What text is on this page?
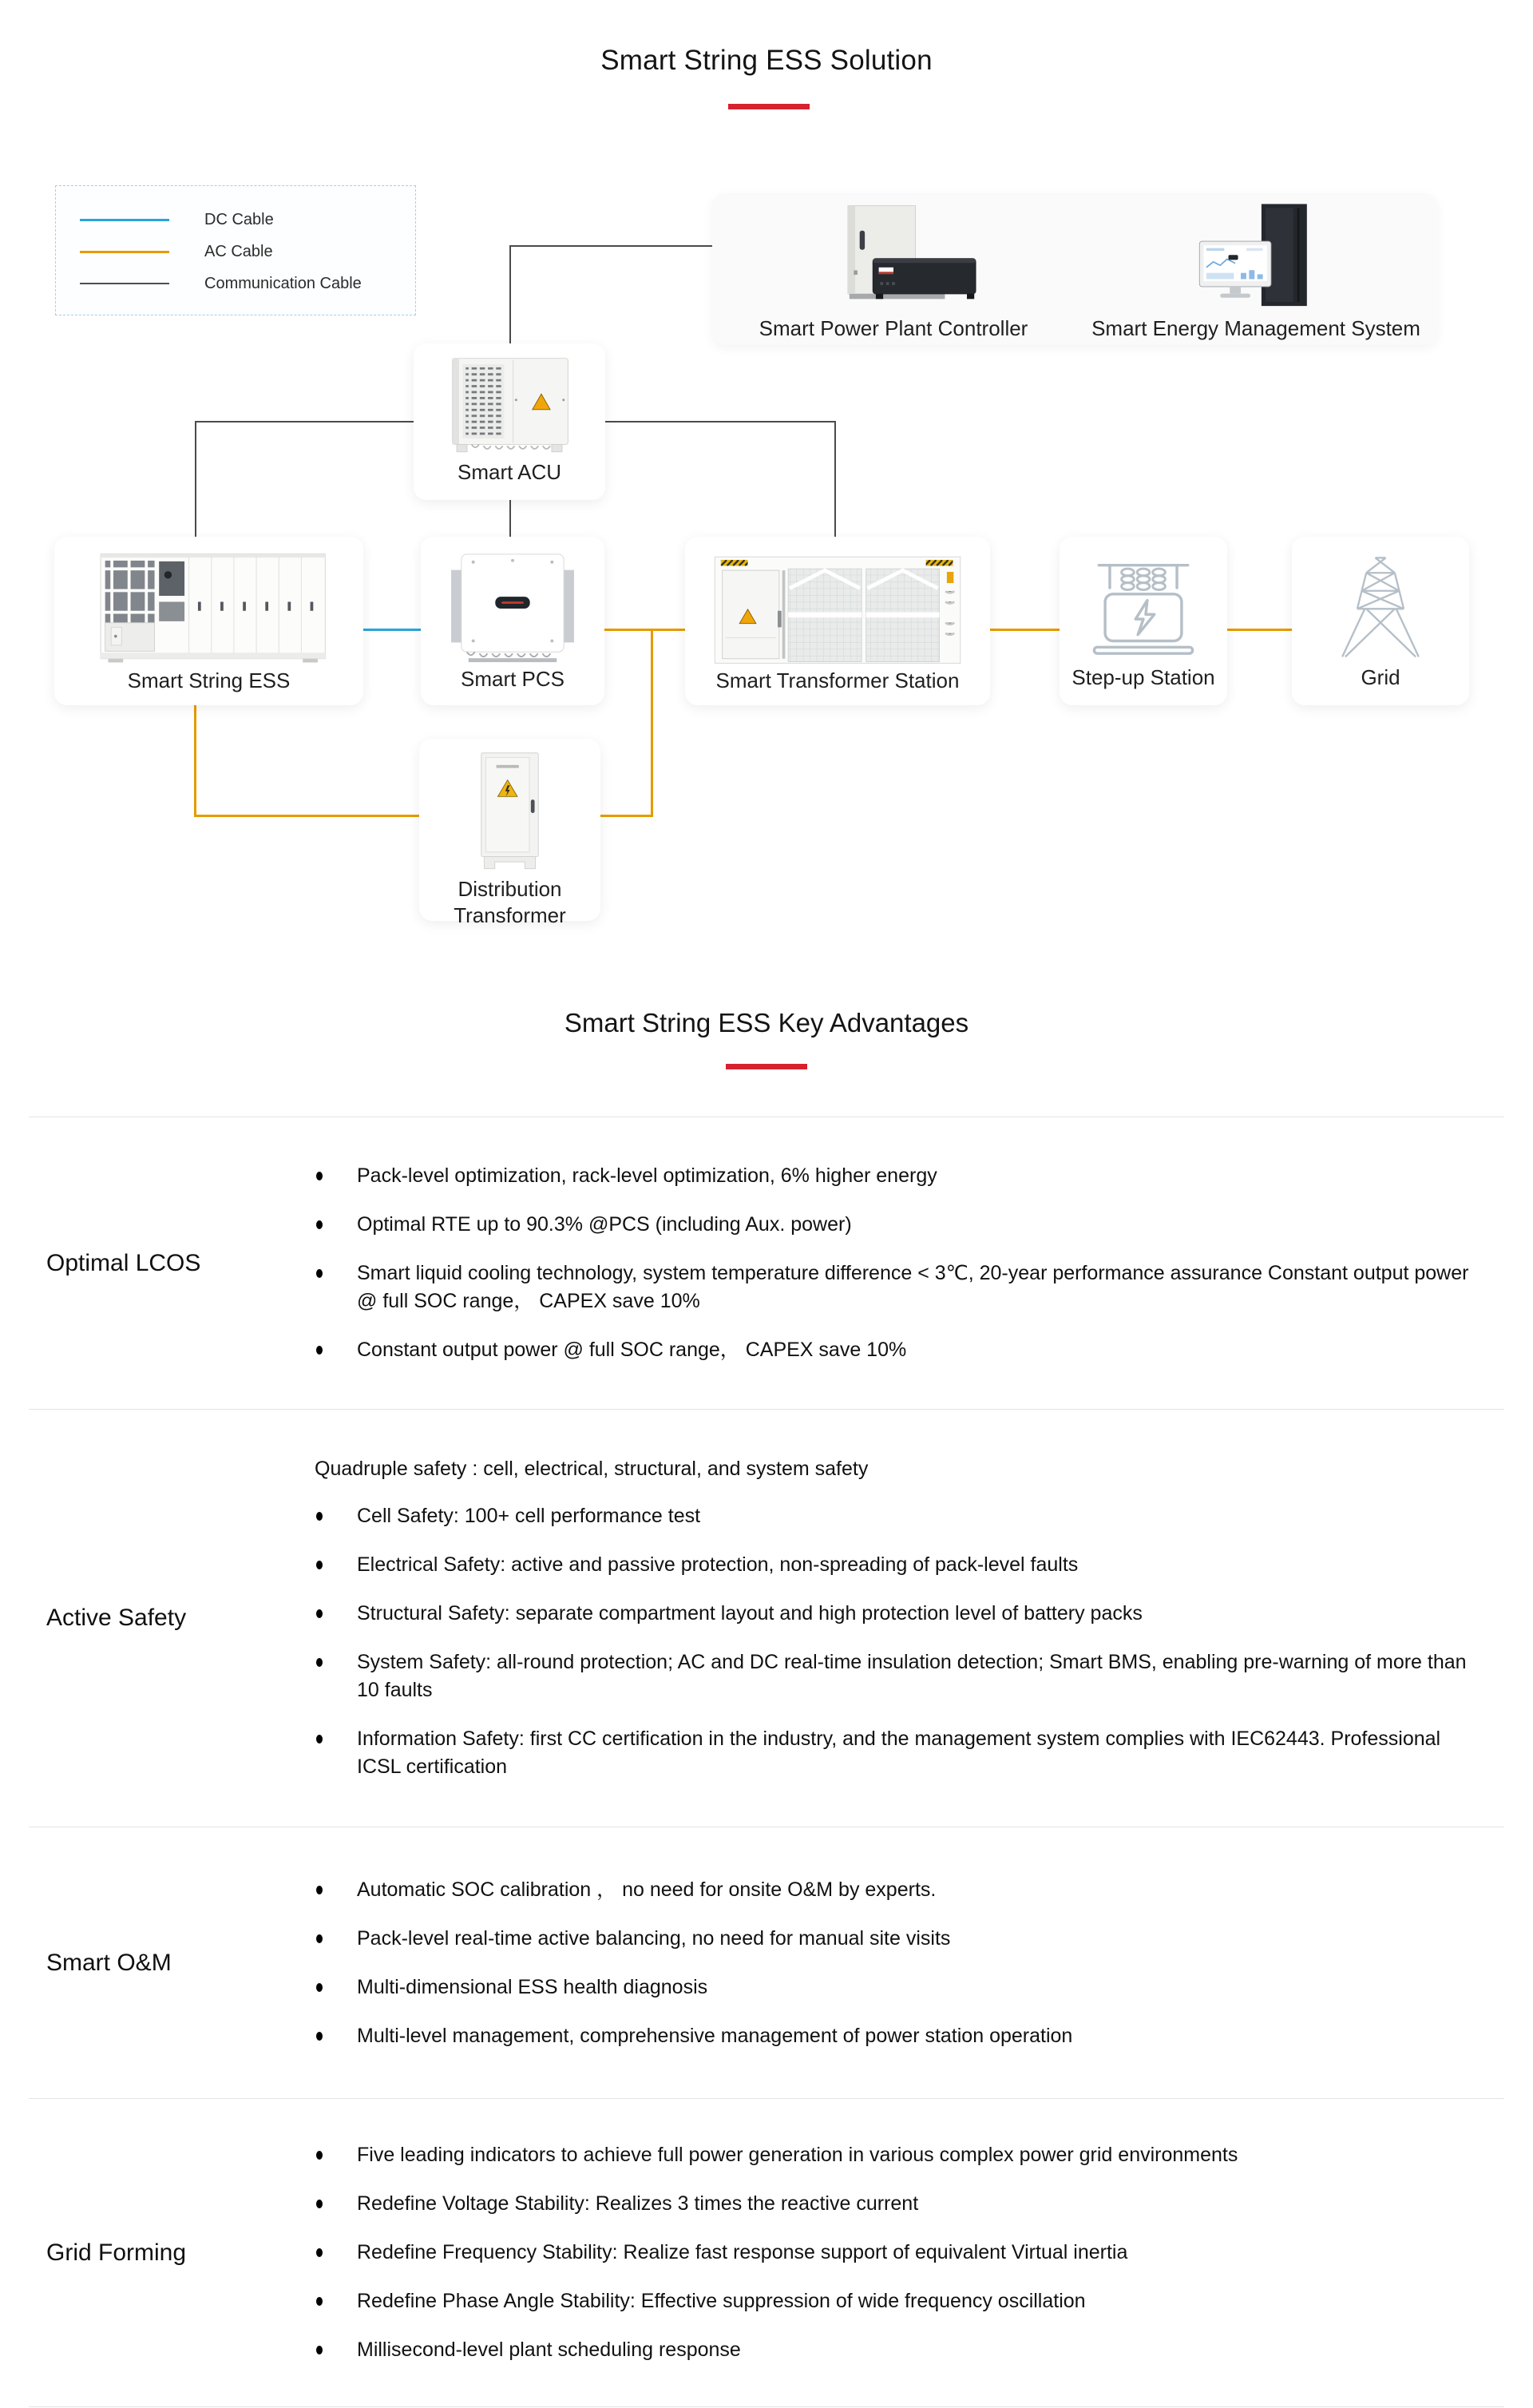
Smart String ESS Solution
DC Cable
AC Cable
Communication Cable
Smart Power Plant Controller	Smart Energy Management System
Smart ACU
Smart String ESS	Smart PCS	Smart Transformer Station	Step-up Station	Grid
Distribution Transformer
Smart String ESS Key Advantages
Optimal LCOS
Pack-level optimization, rack-level optimization, 6% higher energy
Optimal RTE up to 90.3% @PCS (including Aux. power)
Smart liquid cooling technology, system temperature difference < 3℃, 20-year performance assurance Constant output power @ full SOC range， CAPEX save 10%
Constant output power @ full SOC range， CAPEX save 10%
Active Safety
Quadruple safety : cell, electrical, structural, and system safety
Cell Safety: 100+ cell performance test
Electrical Safety: active and passive protection, non-spreading of pack-level faults
Structural Safety: separate compartment layout and high protection level of battery packs
System Safety: all-round protection; AC and DC real-time insulation detection; Smart BMS, enabling pre-warning of more than 10 faults
Information Safety: first CC certification in the industry, and the management system complies with IEC62443. Professional ICSL certification
Smart O&M
Automatic SOC calibration ， no need for onsite O&M by experts.
Pack-level real-time active balancing, no need for manual site visits
Multi-dimensional ESS health diagnosis
Multi-level management, comprehensive management of power station operation
Grid Forming
Five leading indicators to achieve full power generation in various complex power grid environments
Redefine Voltage Stability: Realizes 3 times the reactive current
Redefine Frequency Stability: Realize fast response support of equivalent Virtual inertia
Redefine Phase Angle Stability: Effective suppression of wide frequency oscillation
Millisecond-level plant scheduling response
